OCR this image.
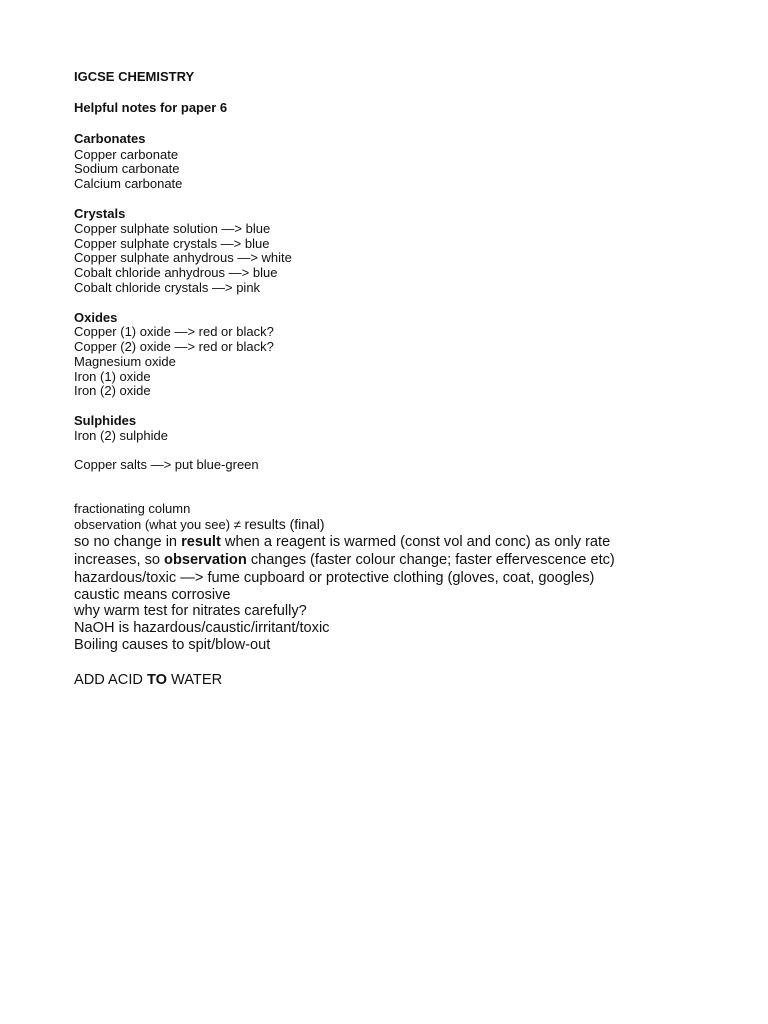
IGCSE CHEMISTRY
Helpful notes for paper 6
Carbonates
Copper carbonate
Sodium carbonate
Calcium carbonate
Crystals
Copper sulphate solution —> blue
Copper sulphate crystals —> blue
Copper sulphate anhydrous —> white
Cobalt chloride anhydrous —> blue
Cobalt chloride crystals —> pink
Oxides
Copper (1) oxide —> red or black?
Copper (2) oxide —> red or black?
Magnesium oxide
Iron (1) oxide
Iron (2) oxide
Sulphides
Iron (2) sulphide
Copper salts —> put blue-green
fractionating column
observation (what you see) ≠ results (final)
so no change in result when a reagent is warmed (const vol and conc) as only rate
increases, so observation changes (faster colour change; faster effervescence etc)
hazardous/toxic —> fume cupboard or protective clothing (gloves, coat, googles)
caustic means corrosive
why warm test for nitrates carefully?
NaOH is hazardous/caustic/irritant/toxic
Boiling causes to spit/blow-out
ADD ACID TO WATER
